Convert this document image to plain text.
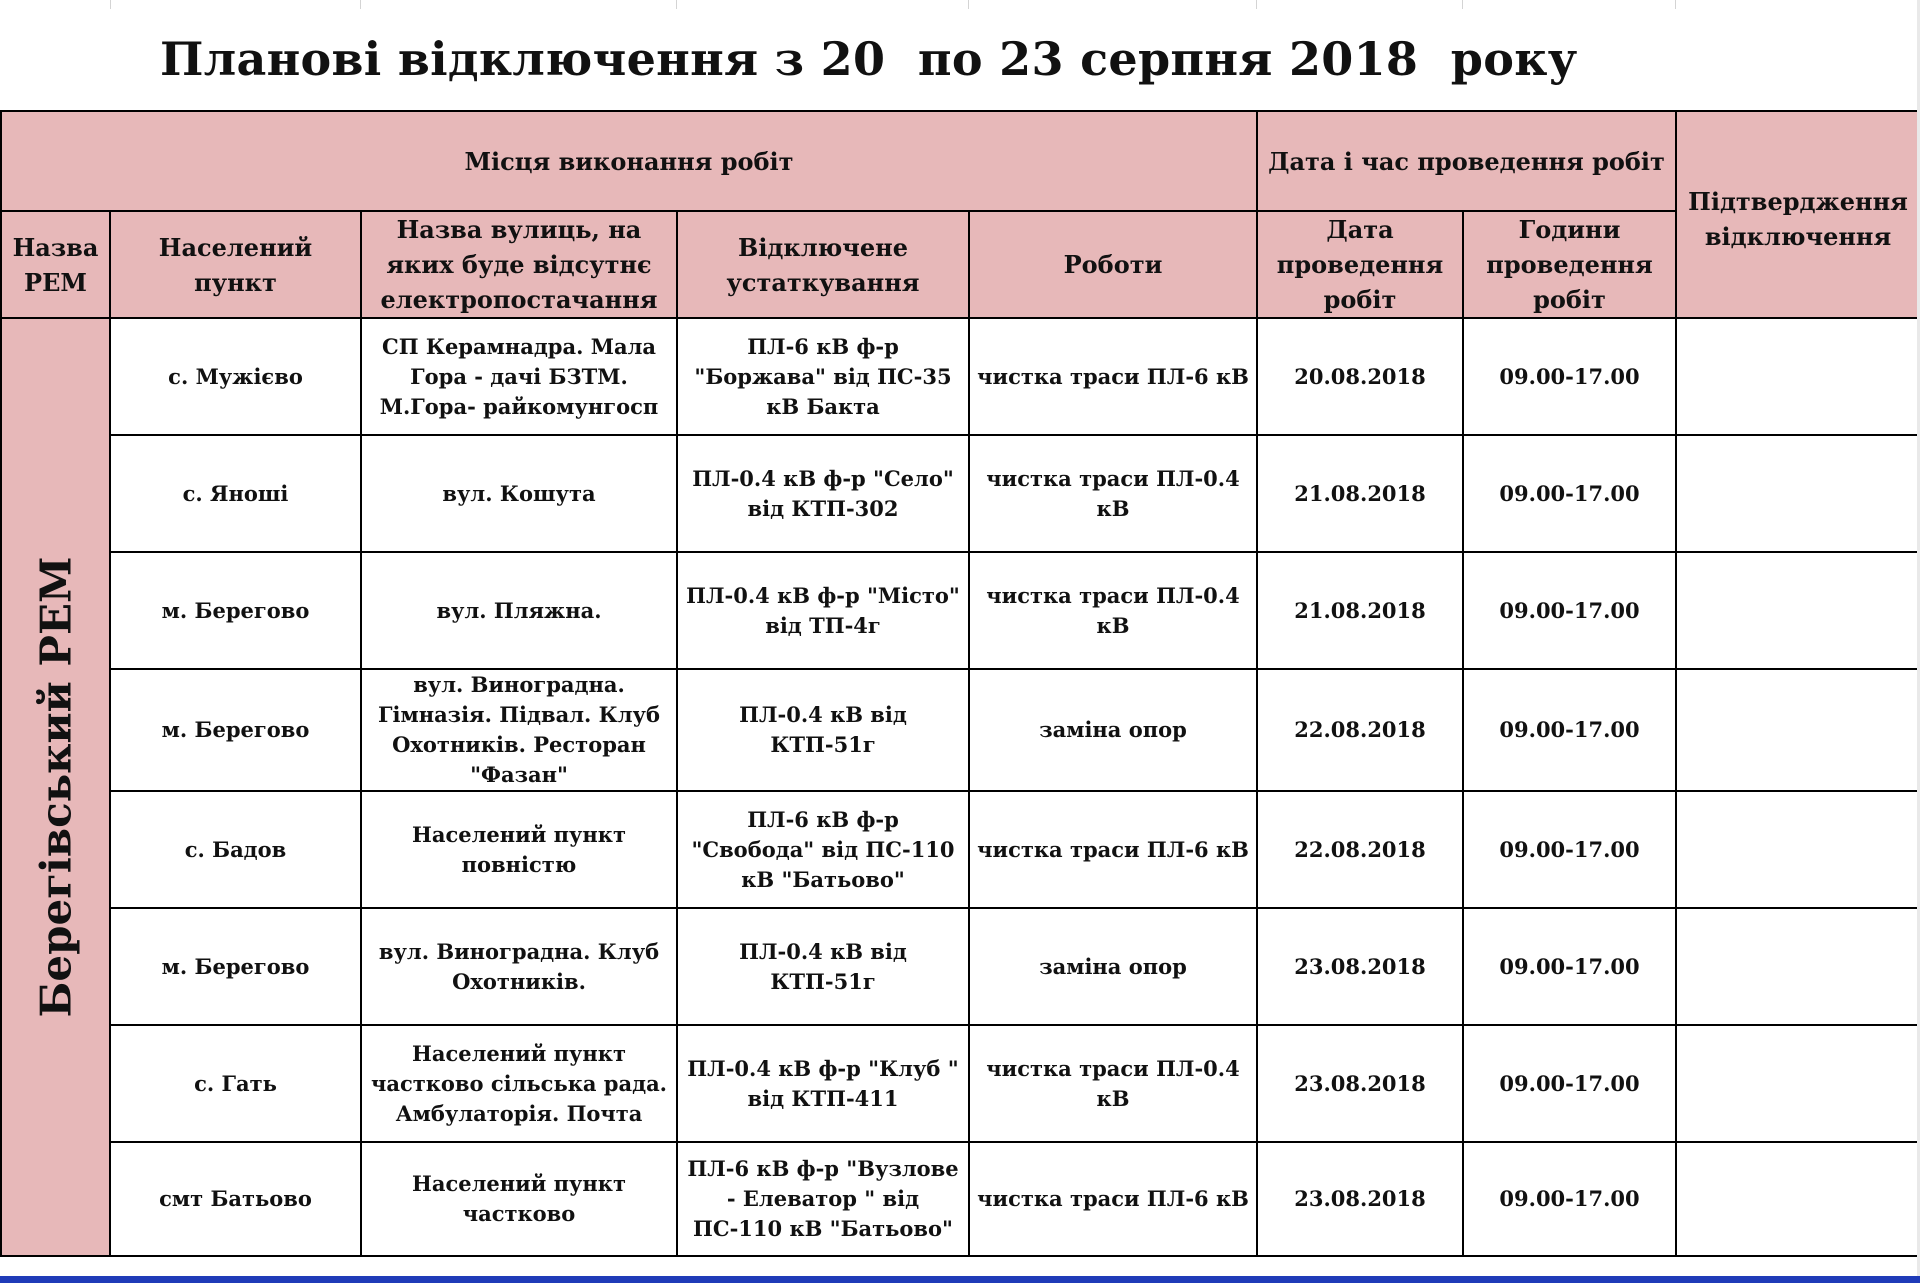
Планові відключення з 20  по 23 серпня 2018  року
Місця виконання робіт					Дата і час проведення робіт		Підтвердження відключення
Назва РЕМ	Населений пункт	Назва вулиць, на яких буде відсутнє електропостачання	Відключене устаткування	Роботи	Дата проведення робіт	Години проведення робіт	

Берегівський РЕМ	с. Мужієво	СП Керамнадра. Мала Гора - дачі БЗТМ. М.Гора- райкомунгосп	ПЛ-6 кВ ф-р "Боржава" від ПС-35 кВ Бакта	чистка траси ПЛ-6 кВ	20.08.2018	09.00-17.00	
	с. Яноші	вул. Кошута	ПЛ-0.4 кВ ф-р "Село" від КТП-302	чистка траси ПЛ-0.4 кВ	21.08.2018	09.00-17.00	
	м. Берегово	вул. Пляжна.	ПЛ-0.4 кВ ф-р "Місто" від ТП-4г	чистка траси ПЛ-0.4 кВ	21.08.2018	09.00-17.00	
	м. Берегово	вул. Виноградна. Гімназія. Підвал. Клуб Охотників. Ресторан "Фазан"	ПЛ-0.4 кВ від КТП-51г	заміна опор	22.08.2018	09.00-17.00	
	с. Бадов	Населений пункт повністю	ПЛ-6 кВ ф-р "Свобода" від ПС-110 кВ "Батьово"	чистка траси ПЛ-6 кВ	22.08.2018	09.00-17.00	
	м. Берегово	вул. Виноградна. Клуб Охотників.	ПЛ-0.4 кВ від КТП-51г	заміна опор	23.08.2018	09.00-17.00	
	с. Гать	Населений пункт частково сільська рада. Амбулаторія. Почта	ПЛ-0.4 кВ ф-р "Клуб " від КТП-411	чистка траси ПЛ-0.4 кВ	23.08.2018	09.00-17.00	
	смт Батьово	Населений пункт частково	ПЛ-6 кВ ф-р "Вузлове - Елеватор " від ПС-110 кВ "Батьово"	чистка траси ПЛ-6 кВ	23.08.2018	09.00-17.00	
